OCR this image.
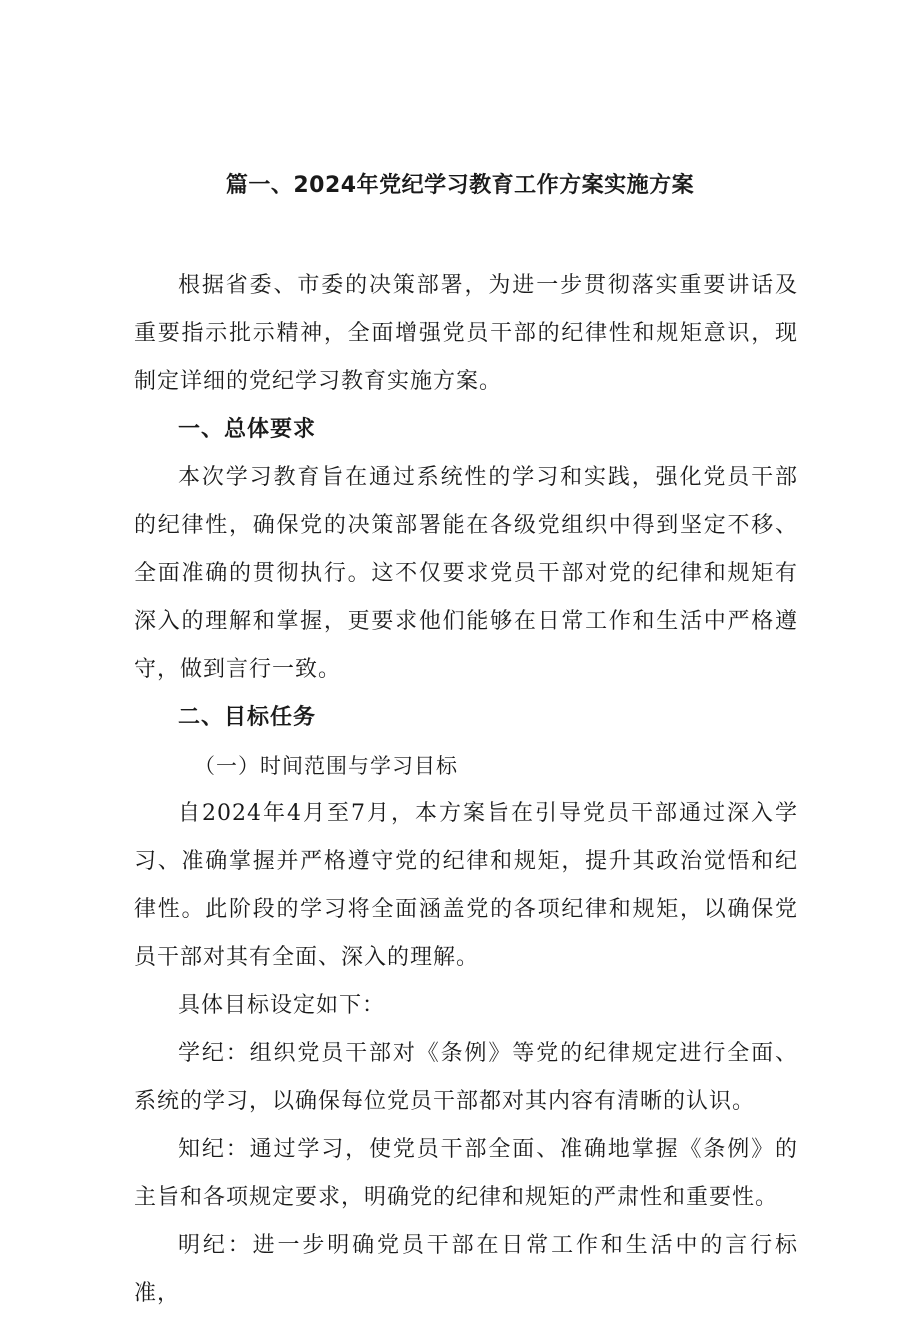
篇一、2024年党纪学习教育工作方案实施方案

根据省委、市委的决策部署，为进一步贯彻落实重要讲话及重要指示批示精神，全面增强党员干部的纪律性和规矩意识，现制定详细的党纪学习教育实施方案。

一、总体要求

本次学习教育旨在通过系统性的学习和实践，强化党员干部的纪律性，确保党的决策部署能在各级党组织中得到坚定不移、全面准确的贯彻执行。这不仅要求党员干部对党的纪律和规矩有深入的理解和掌握，更要求他们能够在日常工作和生活中严格遵守，做到言行一致。

二、目标任务
（一）时间范围与学习目标

自2024年4月至7月，本方案旨在引导党员干部通过深入学习、准确掌握并严格遵守党的纪律和规矩，提升其政治觉悟和纪律性。此阶段的学习将全面涵盖党的各项纪律和规矩，以确保党员干部对其有全面、深入的理解。

具体目标设定如下：

学纪：组织党员干部对《条例》等党的纪律规定进行全面、系统的学习，以确保每位党员干部都对其内容有清晰的认识。

知纪：通过学习，使党员干部全面、准确地掌握《条例》的主旨和各项规定要求，明确党的纪律和规矩的严肃性和重要性。

明纪：进一步明确党员干部在日常工作和生活中的言行标准，
